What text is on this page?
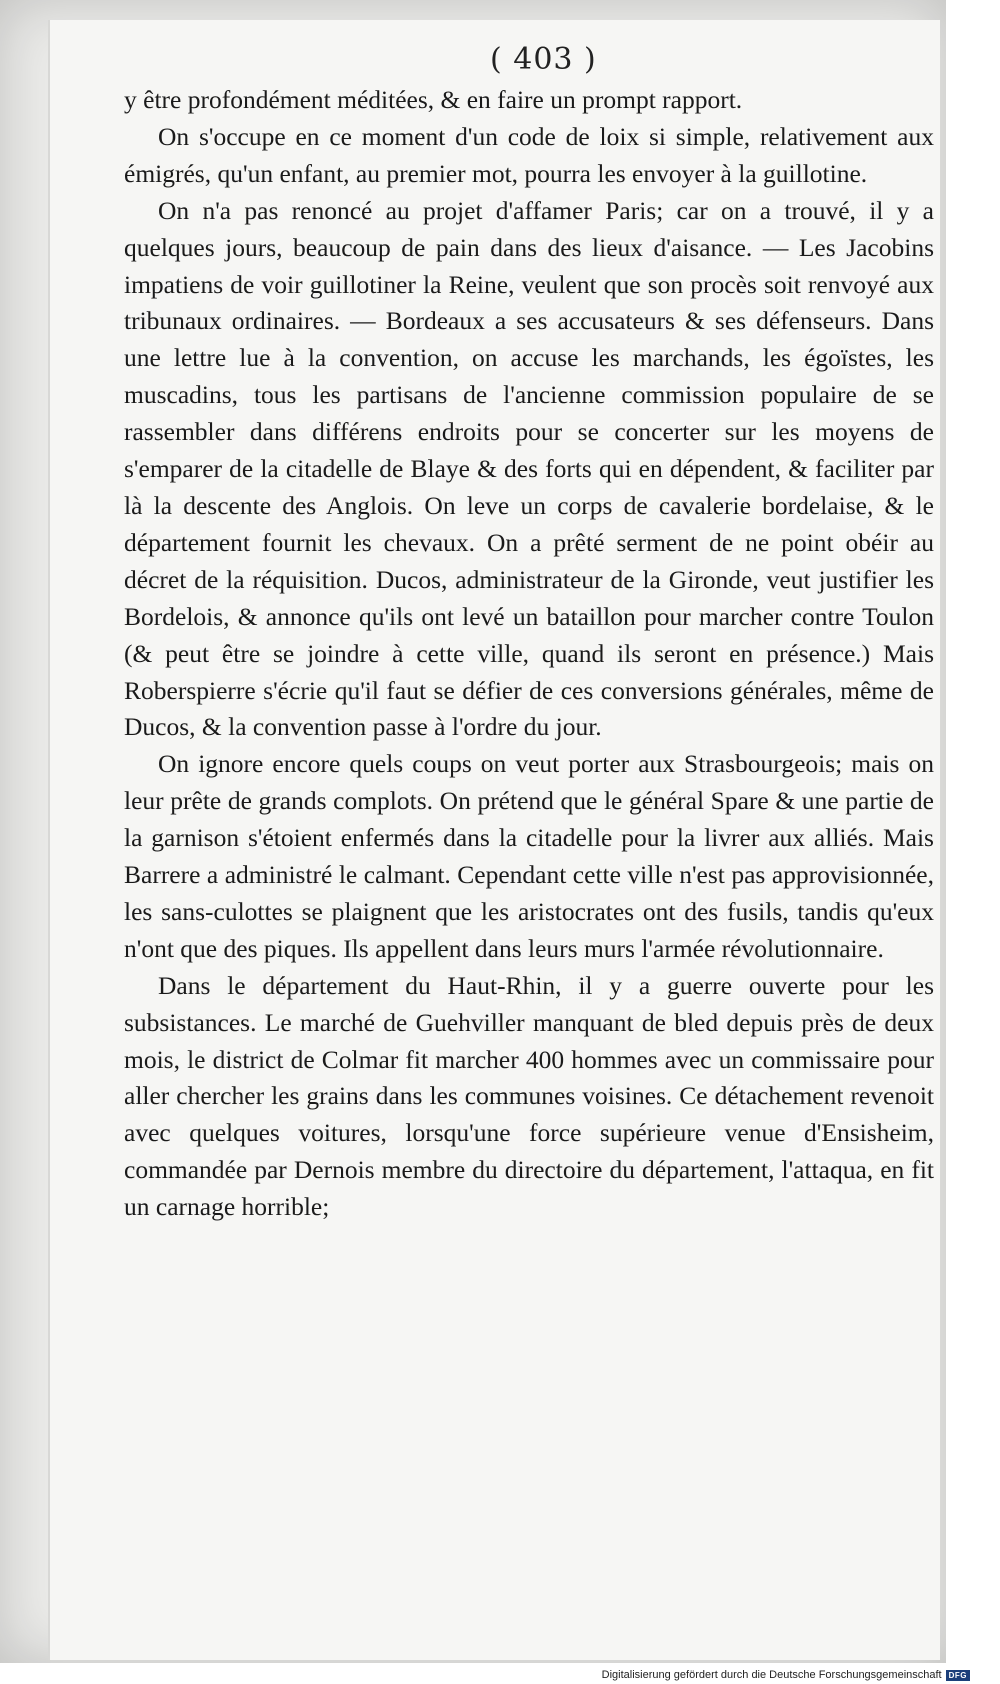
( 403 )

y être profondément méditées, & en faire un prompt rapport.

On s'occupe en ce moment d'un code de loix si simple, relativement aux émigrés, qu'un enfant, au premier mot, pourra les envoyer à la guillotine.

On n'a pas renoncé au projet d'affamer Paris; car on a trouvé, il y a quelques jours, beaucoup de pain dans des lieux d'aisance. — Les Jacobins impatiens de voir guillotiner la Reine, veulent que son procès soit renvoyé aux tribunaux ordinaires. — Bordeaux a ses accusateurs & ses défenseurs. Dans une lettre lue à la convention, on accuse les marchands, les égoïstes, les muscadins, tous les partisans de l'ancienne commission populaire de se rassembler dans différens endroits pour se concerter sur les moyens de s'emparer de la citadelle de Blaye & des forts qui en dépendent, & faciliter par là la descente des Anglois. On leve un corps de cavalerie bordelaise, & le département fournit les chevaux. On a prêté serment de ne point obéir au décret de la réquisition. Ducos, administrateur de la Gironde, veut justifier les Bordelois, & annonce qu'ils ont levé un bataillon pour marcher contre Toulon (& peut être se joindre à cette ville, quand ils seront en présence.) Mais Roberspierre s'écrie qu'il faut se défier de ces conversions générales, même de Ducos, & la convention passe à l'ordre du jour.

On ignore encore quels coups on veut porter aux Strasbourgeois; mais on leur prête de grands complots. On prétend que le général Spare & une partie de la garnison s'étoient enfermés dans la citadelle pour la livrer aux alliés. Mais Barrere a administré le calmant. Cependant cette ville n'est pas approvisionnée, les sans-culottes se plaignent que les aristocrates ont des fusils, tandis qu'eux n'ont que des piques. Ils appellent dans leurs murs l'armée révolutionnaire.

Dans le département du Haut-Rhin, il y a guerre ouverte pour les subsistances. Le marché de Guehviller manquant de bled depuis près de deux mois, le district de Colmar fit marcher 400 hommes avec un commissaire pour aller chercher les grains dans les communes voisines. Ce détachement revenoit avec quelques voitures, lorsqu'une force supérieure venue d'Ensisheim, commandée par Dernois membre du directoire du département, l'attaqua, en fit un carnage horrible;

Digitalisierung gefördert durch die Deutsche Forschungsgemeinschaft DFG
